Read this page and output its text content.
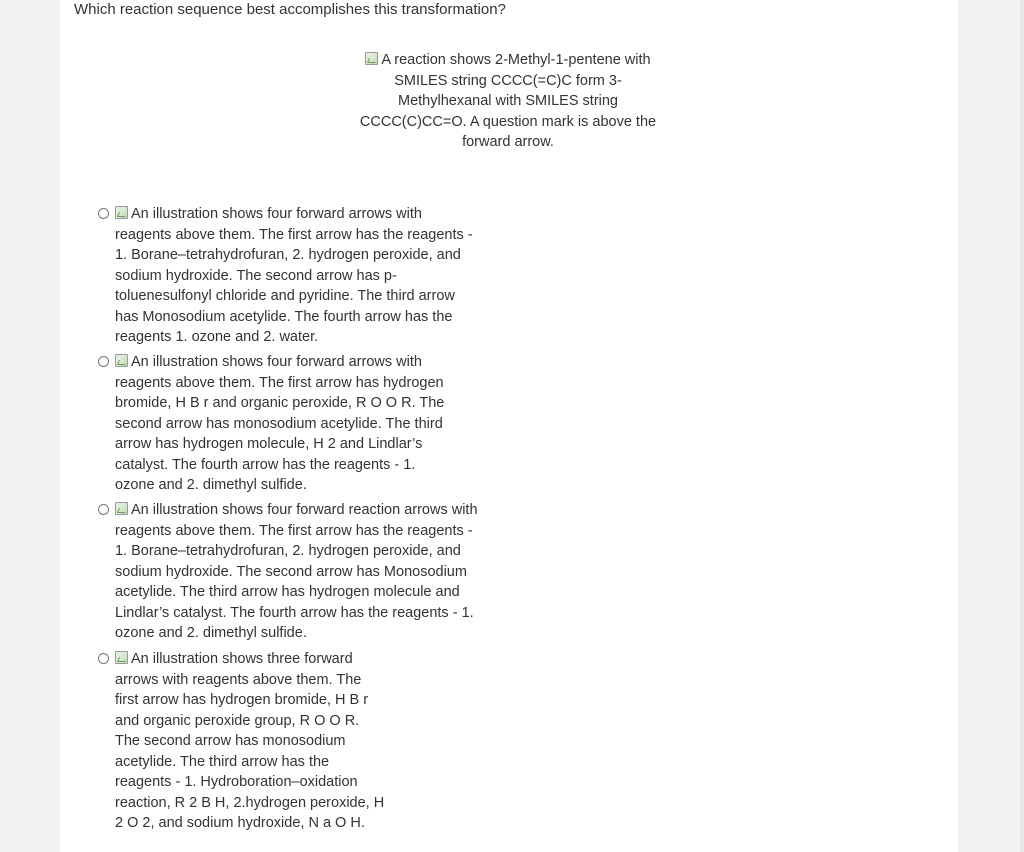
Which reaction sequence best accomplishes this transformation?
A reaction shows 2-Methyl-1-pentene with SMILES string CCCC(=C)C form 3-Methylhexanal with SMILES string CCCC(C)CC=O. A question mark is above the forward arrow.
An illustration shows four forward arrows with reagents above them. The first arrow has the reagents - 1. Borane–tetrahydrofuran, 2. hydrogen peroxide, and sodium hydroxide. The second arrow has p-toluenesulfonyl chloride and pyridine. The third arrow has Monosodium acetylide. The fourth arrow has the reagents 1. ozone and 2. water.
An illustration shows four forward arrows with reagents above them. The first arrow has hydrogen bromide, H B r and organic peroxide, R O O R. The second arrow has monosodium acetylide. The third arrow has hydrogen molecule, H 2 and Lindlar’s catalyst. The fourth arrow has the reagents - 1. ozone and 2. dimethyl sulfide.
An illustration shows four forward reaction arrows with reagents above them. The first arrow has the reagents - 1. Borane–tetrahydrofuran, 2. hydrogen peroxide, and sodium hydroxide. The second arrow has Monosodium acetylide. The third arrow has hydrogen molecule and Lindlar’s catalyst. The fourth arrow has the reagents - 1. ozone and 2. dimethyl sulfide.
An illustration shows three forward arrows with reagents above them. The first arrow has hydrogen bromide, H B r and organic peroxide group, R O O R. The second arrow has monosodium acetylide. The third arrow has the reagents - 1. Hydroboration–oxidation reaction, R 2 B H, 2.hydrogen peroxide, H 2 O 2, and sodium hydroxide, N a O H.
